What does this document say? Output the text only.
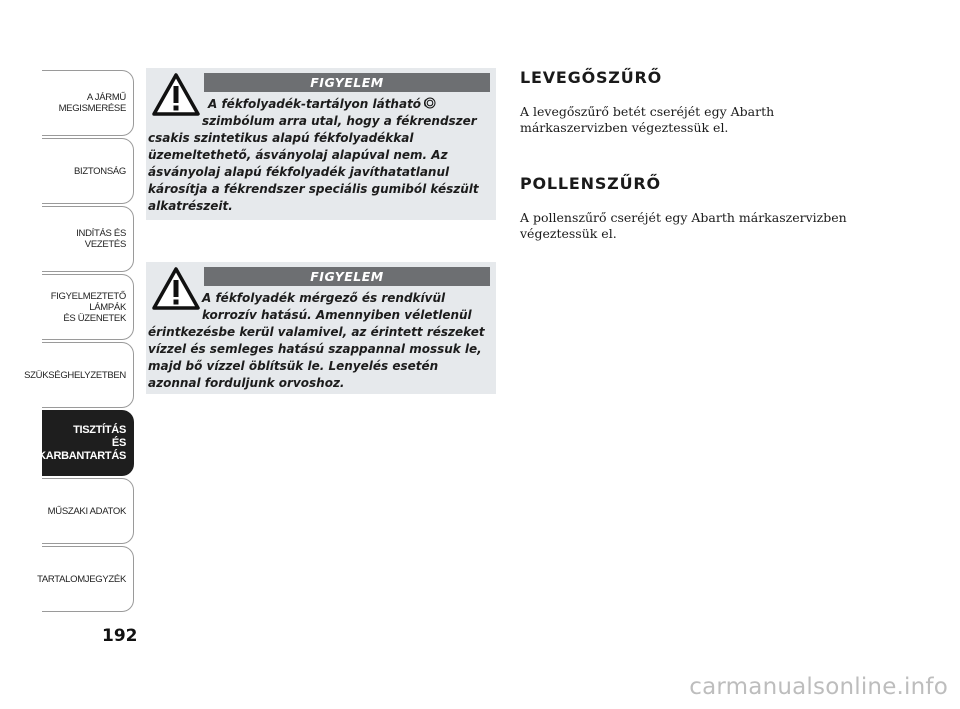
A JÁRMŰ
MEGISMERÉSE
BIZTONSÁG
INDÍTÁS ÉS VEZETÉS
FIGYELMEZTETŐ
LÁMPÁK
ÉS ÜZENETEK
SZÜKSÉGHELYZETBEN
TISZTÍTÁS
ÉS KARBANTARTÁS
MŰSZAKI ADATOK
TARTALOMJEGYZÉK
192
FIGYELEM
A fékfolyadék-tartályon látható
szimbólum arra utal, hogy a fékrendszer
csakis szintetikus alapú fékfolyadékkal üzemeltethető, ásványolaj alapúval nem. Az ásványolaj alapú fékfolyadék javíthatatlanul károsítja a fékrendszer speciális gumiból készült alkatrészeit.
FIGYELEM
A fékfolyadék mérgező és rendkívül
korrozív hatású. Amennyiben véletlenül
érintkezésbe kerül valamivel, az érintett részeket vízzel és semleges hatású szappannal mossuk le, majd bő vízzel öblítsük le. Lenyelés esetén azonnal forduljunk orvoshoz.
LEVEGŐSZŰRŐ
A levegőszűrő betét cseréjét egy Abarth márkaszervizben végeztessük el.
POLLENSZŰRŐ
A pollenszűrő cseréjét egy Abarth márkaszervizben végeztessük el.
carmanualsonline.info
